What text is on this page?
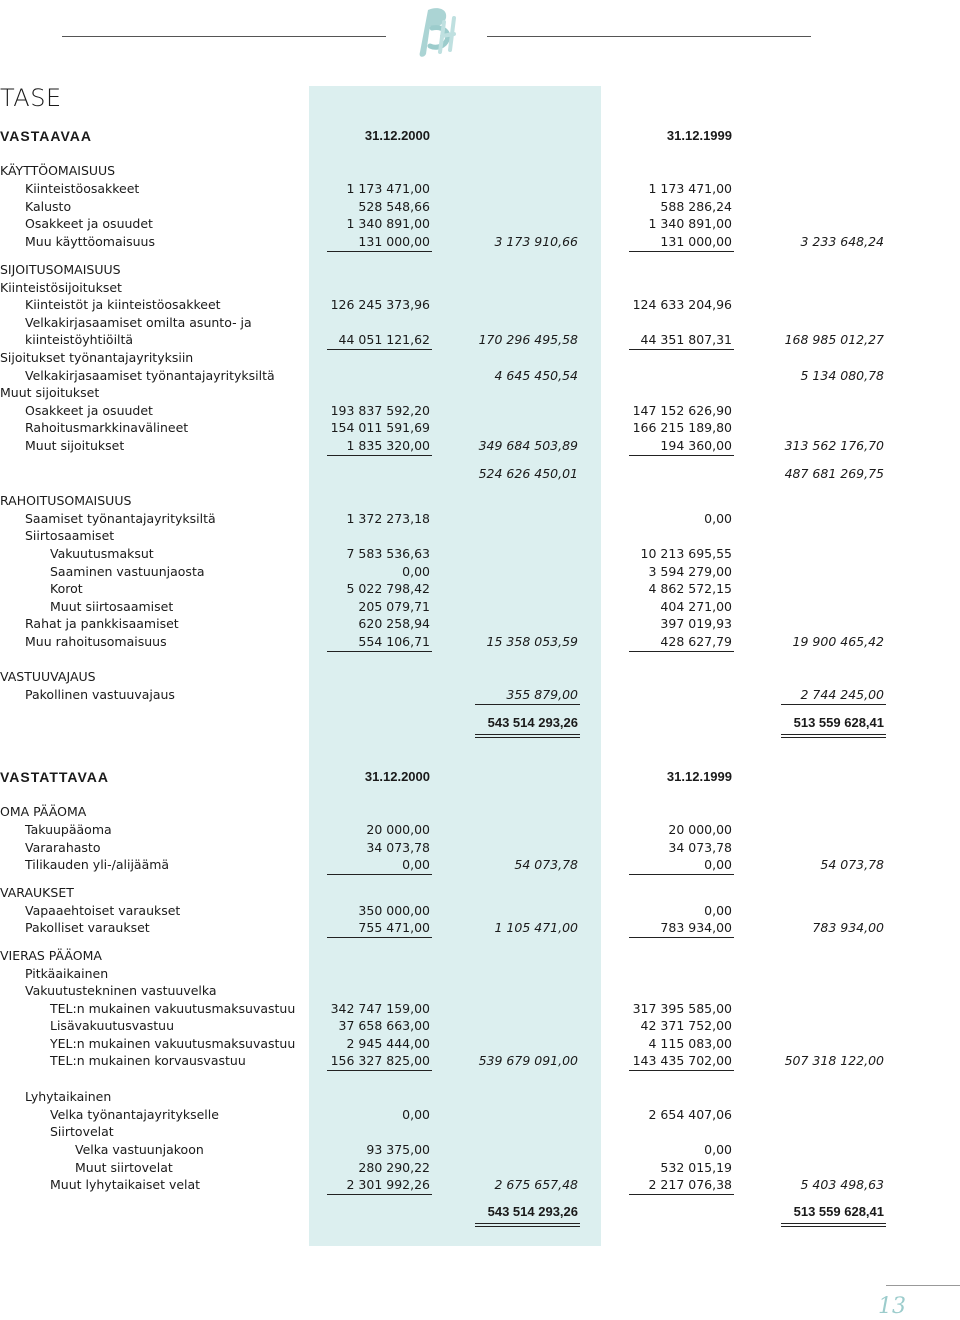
TASE
VASTAAVAA	31.12.2000	31.12.1999
KÄYTTÖOMAISUUS
Kiinteistöosakkeet	1 173 471,00	1 173 471,00
Kalusto	528 548,66	588 286,24
Osakkeet ja osuudet	1 340 891,00	1 340 891,00
Muu käyttöomaisuus	131 000,00	3 173 910,66	131 000,00	3 233 648,24
SIJOITUSOMAISUUS
Kiinteistösijoitukset
Kiinteistöt ja kiinteistöosakkeet	126 245 373,96	124 633 204,96
Velkakirjasaamiset omilta asunto- ja
kiinteistöyhtiöiltä	44 051 121,62	170 296 495,58	44 351 807,31	168 985 012,27
Sijoitukset työnantajayrityksiin
Velkakirjasaamiset työnantajayrityksiltä	4 645 450,54	5 134 080,78
Muut sijoitukset
Osakkeet ja osuudet	193 837 592,20	147 152 626,90
Rahoitusmarkkinavälineet	154 011 591,69	166 215 189,80
Muut sijoitukset	1 835 320,00	349 684 503,89	194 360,00	313 562 176,70
524 626 450,01	487 681 269,75
RAHOITUSOMAISUUS
Saamiset työnantajayrityksiltä	1 372 273,18	0,00
Siirtosaamiset
Vakuutusmaksut	7 583 536,63	10 213 695,55
Saaminen vastuunjaosta	0,00	3 594 279,00
Korot	5 022 798,42	4 862 572,15
Muut siirtosaamiset	205 079,71	404 271,00
Rahat ja pankkisaamiset	620 258,94	397 019,93
Muu rahoitusomaisuus	554 106,71	15 358 053,59	428 627,79	19 900 465,42
VASTUUVAJAUS
Pakollinen vastuuvajaus	355 879,00	2 744 245,00
543 514 293,26	513 559 628,41
VASTATTAVAA	31.12.2000	31.12.1999
OMA PÄÄOMA
Takuupääoma	20 000,00	20 000,00
Vararahasto	34 073,78	34 073,78
Tilikauden yli-/alijäämä	0,00	54 073,78	0,00	54 073,78
VARAUKSET
Vapaaehtoiset varaukset	350 000,00	0,00
Pakolliset varaukset	755 471,00	1 105 471,00	783 934,00	783 934,00
VIERAS PÄÄOMA
Pitkäaikainen
Vakuutustekninen vastuuvelka
TEL:n mukainen vakuutusmaksuvastuu	342 747 159,00	317 395 585,00
Lisävakuutusvastuu	37 658 663,00	42 371 752,00
YEL:n mukainen vakuutusmaksuvastuu	2 945 444,00	4 115 083,00
TEL:n mukainen korvausvastuu	156 327 825,00	539 679 091,00	143 435 702,00	507 318 122,00
Lyhytaikainen
Velka työnantajayritykselle	0,00	2 654 407,06
Siirtovelat
Velka vastuunjakoon	93 375,00	0,00
Muut siirtovelat	280 290,22	532 015,19
Muut lyhytaikaiset velat	2 301 992,26	2 675 657,48	2 217 076,38	5 403 498,63
543 514 293,26	513 559 628,41
13
